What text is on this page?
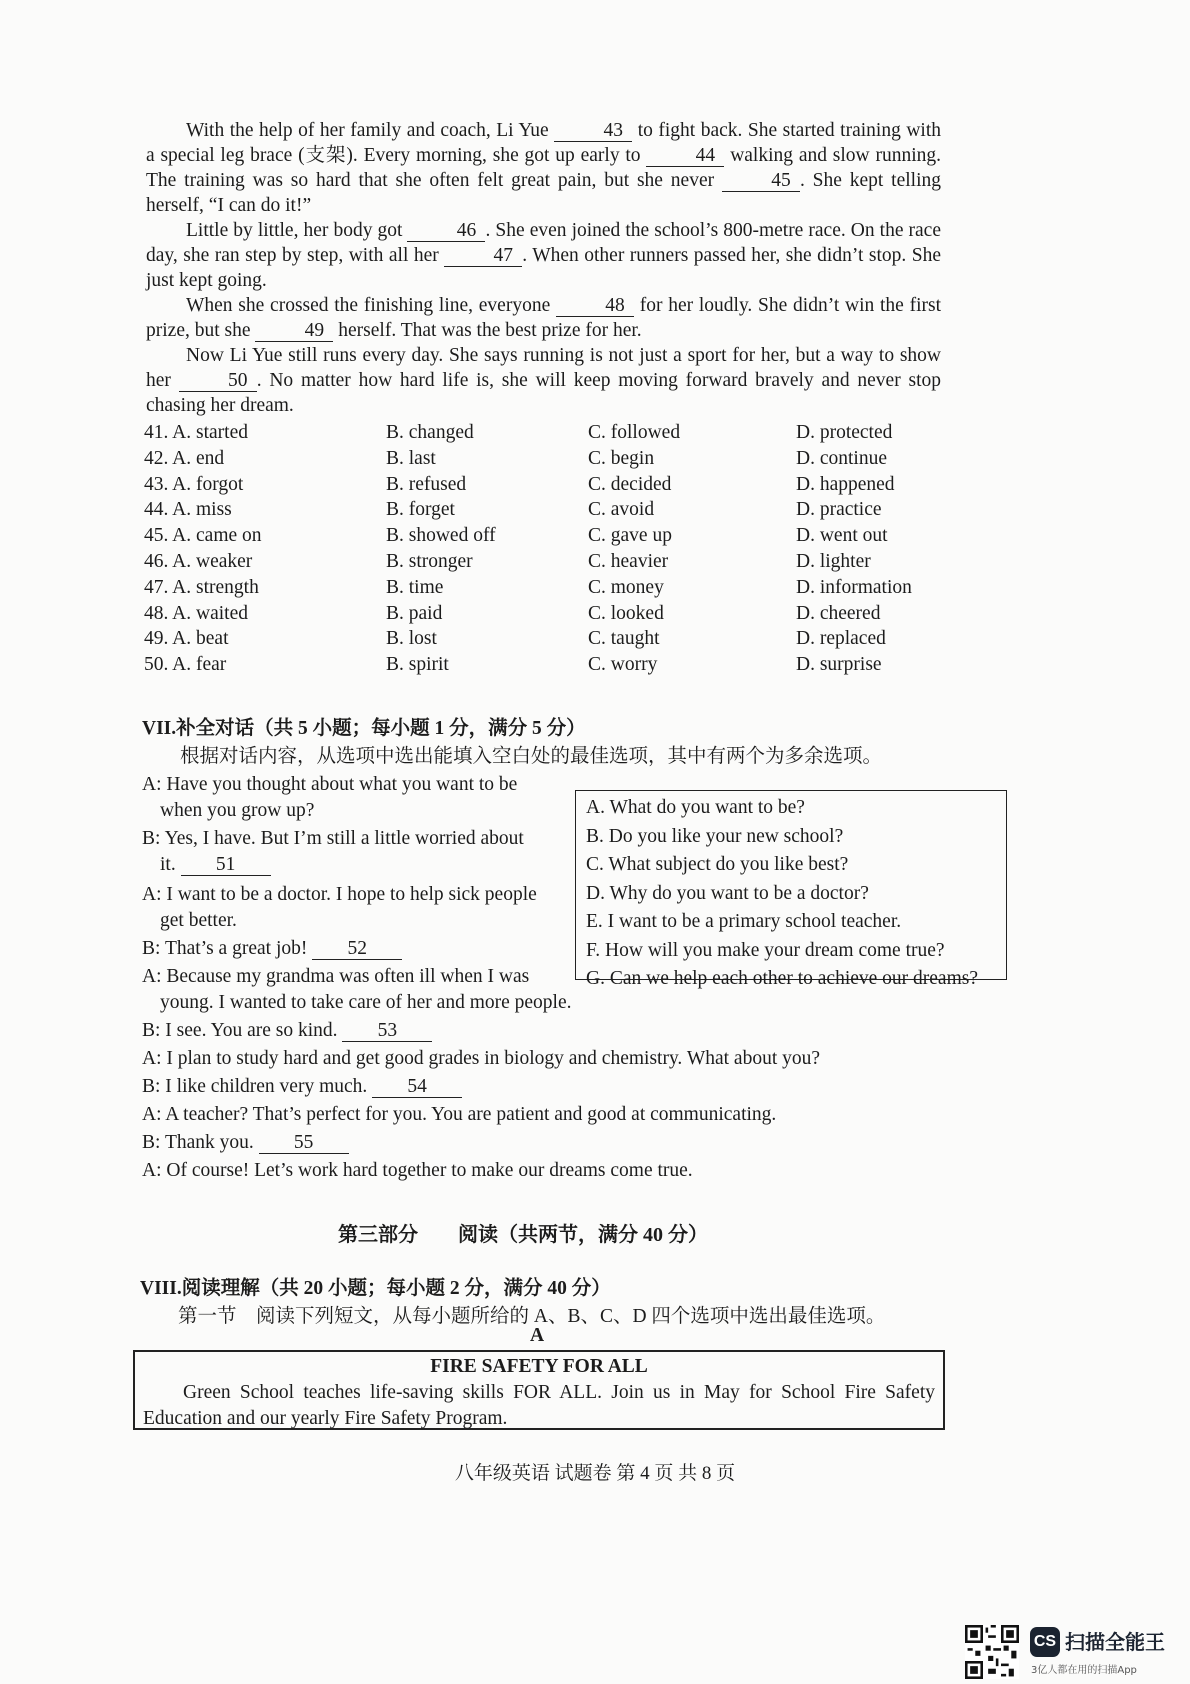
With the help of her family and coach, Li Yue	43 to fight back. She started training with a special leg brace (支架). Every morning, she got up early to	44 walking and slow running. The training was so hard that she often felt great pain, but she never	45 . She kept telling herself, “I can do it!”
Little by little, her body got	46 . She even joined the school’s 800-metre race. On the race day, she ran step by step, with all her	47 . When other runners passed her, she didn’t stop. She just kept going.
When she crossed the finishing line, everyone	48 for her loudly. She didn’t win the first prize, but she	49 herself. That was the best prize for her.
Now Li Yue still runs every day. She says running is not just a sport for her, but a way to show her	50 . No matter how hard life is, she will keep moving forward bravely and never stop chasing her dream.
41. A. started	B. changed	C. followed	D. protected
42. A. end	B. last	C. begin	D. continue
43. A. forgot	B. refused	C. decided	D. happened
44. A. miss	B. forget	C. avoid	D. practice
45. A. came on	B. showed off	C. gave up	D. went out
46. A. weaker	B. stronger	C. heavier	D. lighter
47. A. strength	B. time	C. money	D. information
48. A. waited	B. paid	C. looked	D. cheered
49. A. beat	B. lost	C. taught	D. replaced
50. A. fear	B. spirit	C. worry	D. surprise
VII.补全对话（共 5 小题；每小题 1 分，满分 5 分）
根据对话内容，从选项中选出能填入空白处的最佳选项，其中有两个为多余选项。
A: Have you thought about what you want to be
when you grow up?
B: Yes, I have. But I’m still a little worried about
it. 51
A: I want to be a doctor. I hope to help sick people
get better.
B: That’s a great job! 52
A: Because my grandma was often ill when I was
young. I wanted to take care of her and more people.
B: I see. You are so kind. 53
A: I plan to study hard and get good grades in biology and chemistry. What about you?
B: I like children very much. 54
A: A teacher? That’s perfect for you. You are patient and good at communicating.
B: Thank you. 55
A: Of course! Let’s work hard together to make our dreams come true.
A. What do you want to be?
B. Do you like your new school?
C. What subject do you like best?
D. Why do you want to be a doctor?
E. I want to be a primary school teacher.
F. How will you make your dream come true?
G. Can we help each other to achieve our dreams?
第三部分　　阅读（共两节，满分 40 分）
VIII.阅读理解（共 20 小题；每小题 2 分，满分 40 分）
第一节　阅读下列短文，从每小题所给的 A、B、C、D 四个选项中选出最佳选项。
A
FIRE SAFETY FOR ALL
Green School teaches life-saving skills FOR ALL. Join us in May for School Fire Safety Education and our yearly Fire Safety Program.
八年级英语 试题卷 第 4 页 共 8 页
CS 扫描全能王
3亿人都在用的扫描App
